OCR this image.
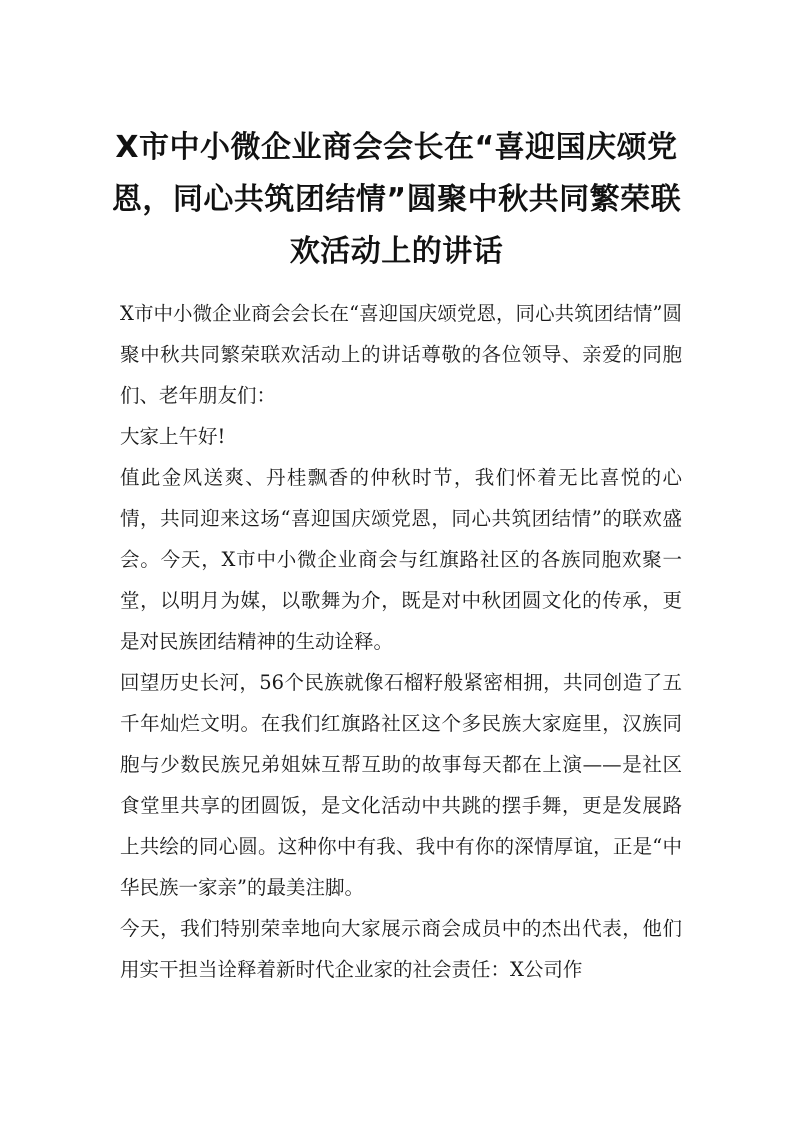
X市中小微企业商会会长在“喜迎国庆颂党恩，同心共筑团结情”圆聚中秋共同繁荣联欢活动上的讲话

X市中小微企业商会会长在“喜迎国庆颂党恩，同心共筑团结情”圆聚中秋共同繁荣联欢活动上的讲话尊敬的各位领导、亲爱的同胞们、老年朋友们：

大家上午好!

值此金风送爽、丹桂飘香的仲秋时节，我们怀着无比喜悦的心情，共同迎来这场“喜迎国庆颂党恩，同心共筑团结情”的联欢盛会。今天，X市中小微企业商会与红旗路社区的各族同胞欢聚一堂，以明月为媒，以歌舞为介，既是对中秋团圆文化的传承，更是对民族团结精神的生动诠释。

回望历史长河，56个民族就像石榴籽般紧密相拥，共同创造了五千年灿烂文明。在我们红旗路社区这个多民族大家庭里，汉族同胞与少数民族兄弟姐妹互帮互助的故事每天都在上演——是社区食堂里共享的团圆饭，是文化活动中共跳的摆手舞，更是发展路上共绘的同心圆。这种你中有我、我中有你的深情厚谊，正是“中华民族一家亲”的最美注脚。

今天，我们特别荣幸地向大家展示商会成员中的杰出代表，他们用实干担当诠释着新时代企业家的社会责任：X公司作
